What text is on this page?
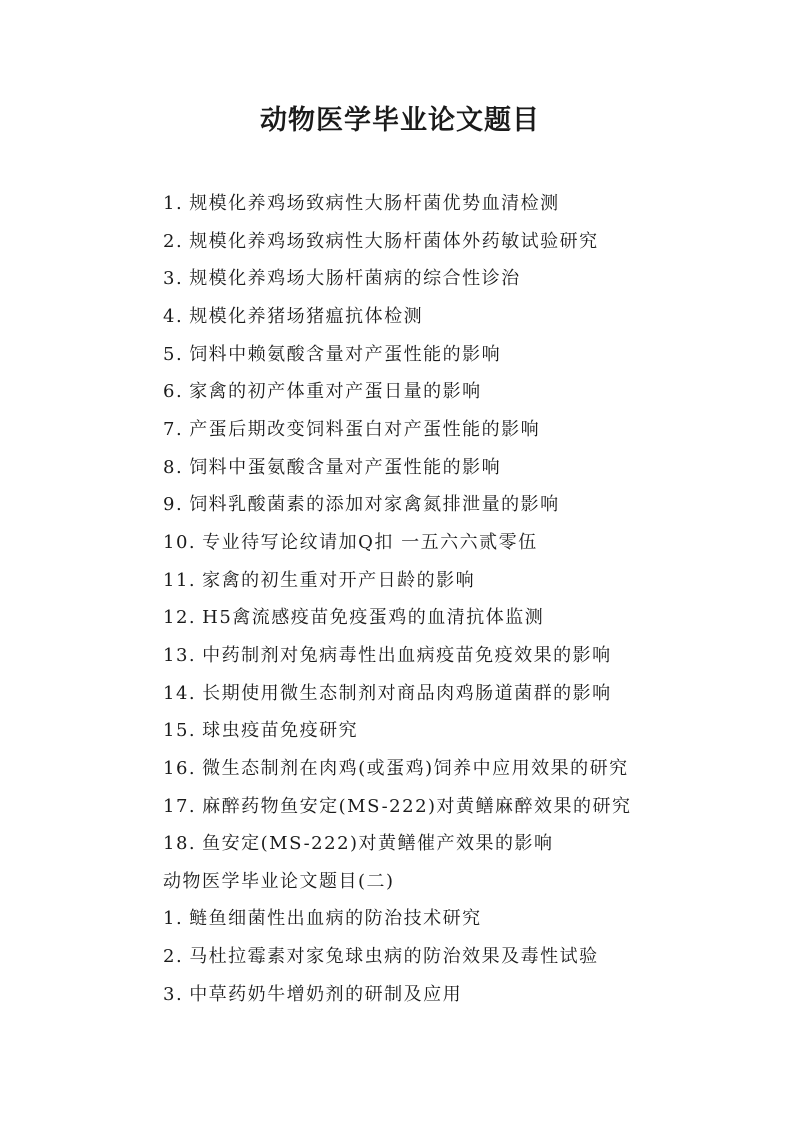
动物医学毕业论文题目
1. 规模化养鸡场致病性大肠杆菌优势血清检测
2. 规模化养鸡场致病性大肠杆菌体外药敏试验研究
3. 规模化养鸡场大肠杆菌病的综合性诊治
4. 规模化养猪场猪瘟抗体检测
5. 饲料中赖氨酸含量对产蛋性能的影响
6. 家禽的初产体重对产蛋日量的影响
7. 产蛋后期改变饲料蛋白对产蛋性能的影响
8. 饲料中蛋氨酸含量对产蛋性能的影响
9. 饲料乳酸菌素的添加对家禽氮排泄量的影响
10. 专业待写论纹请加Q扣 一五六六贰零伍
11. 家禽的初生重对开产日龄的影响
12. H5禽流感疫苗免疫蛋鸡的血清抗体监测
13. 中药制剂对兔病毒性出血病疫苗免疫效果的影响
14. 长期使用微生态制剂对商品肉鸡肠道菌群的影响
15. 球虫疫苗免疫研究
16. 微生态制剂在肉鸡(或蛋鸡)饲养中应用效果的研究
17. 麻醉药物鱼安定(MS-222)对黄鳝麻醉效果的研究
18. 鱼安定(MS-222)对黄鳝催产效果的影响
动物医学毕业论文题目(二)
1. 鲢鱼细菌性出血病的防治技术研究
2. 马杜拉霉素对家兔球虫病的防治效果及毒性试验
3. 中草药奶牛增奶剂的研制及应用
